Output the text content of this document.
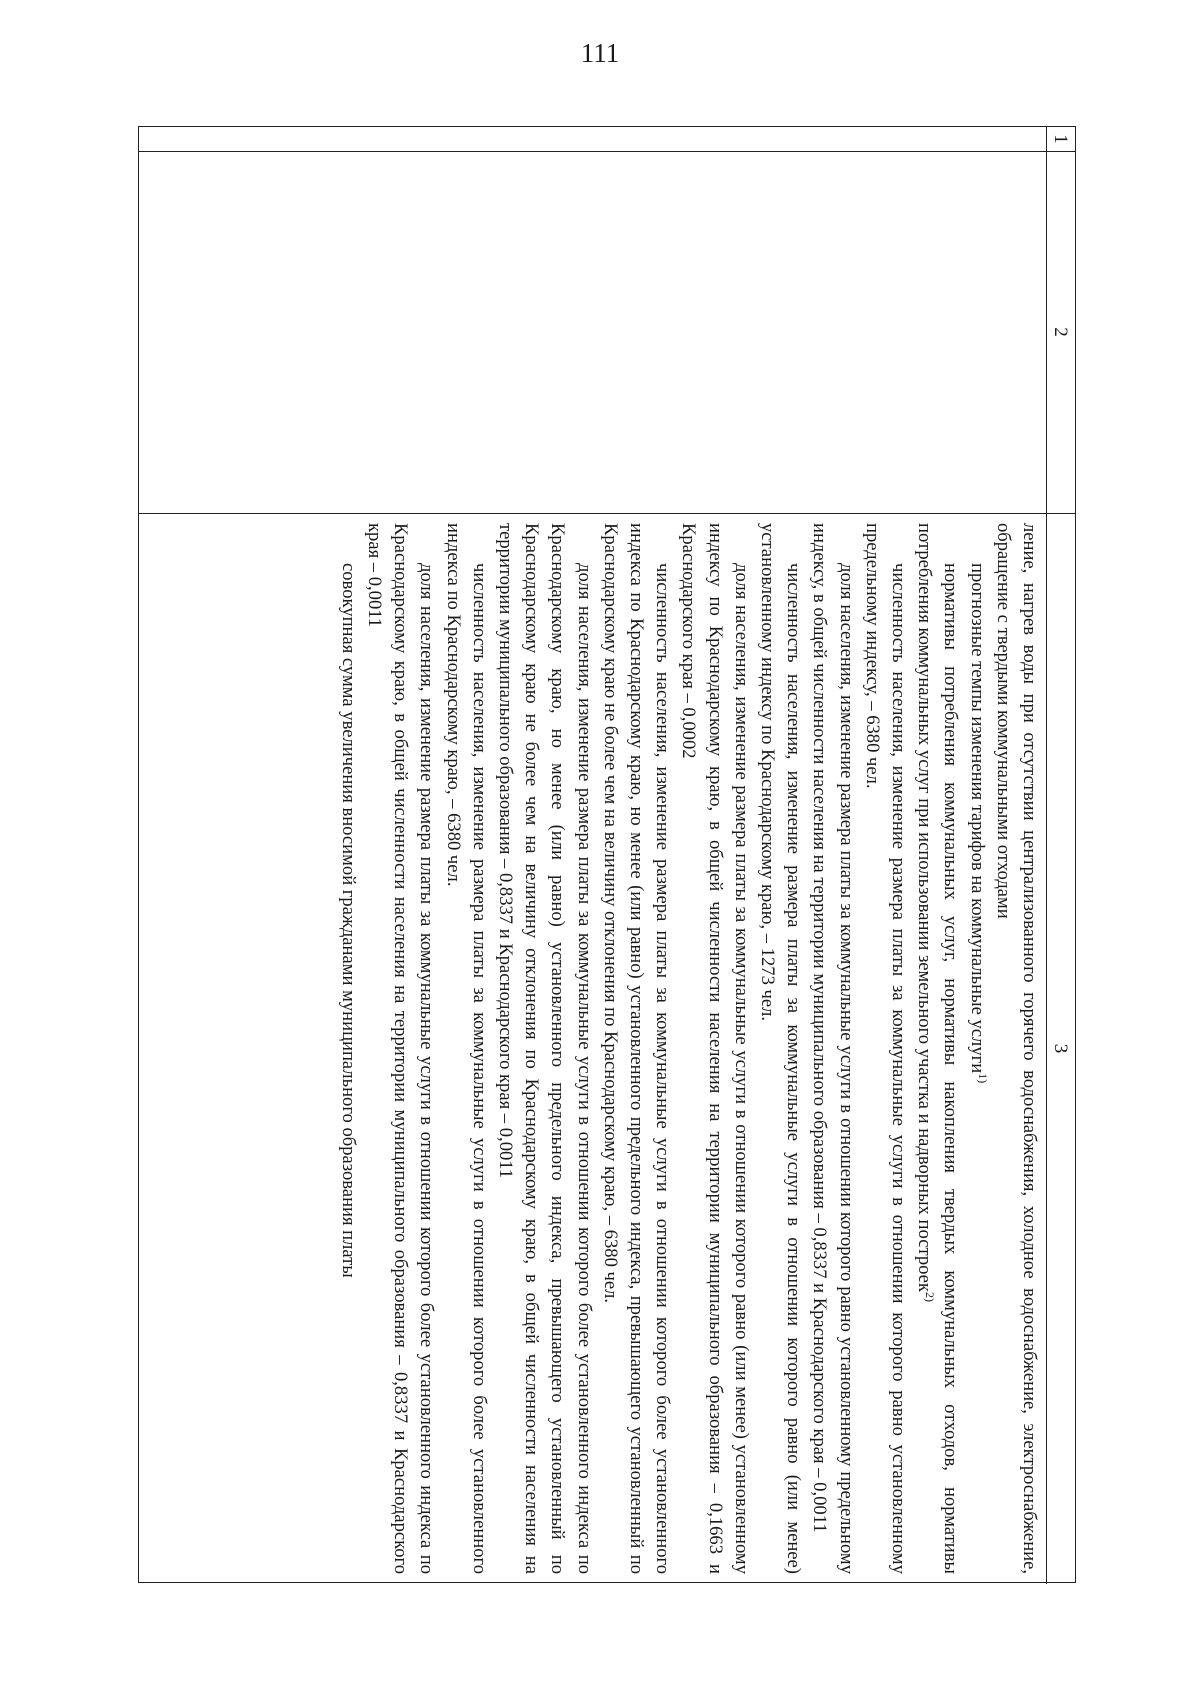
111
1
2
3

ление, нагрев воды при отсутствии централизованного горячего водоснабжения, холодное водоснабжение, электроснабжение, обращение с твердыми коммунальными отходами

прогнозные темпы изменения тарифов на коммунальные услуги$^{1)}$

нормативы потребления коммунальных услуг, нормативы накопления твердых коммунальных отходов, нормативы потребления коммунальных услуг при использовании земельного участка и надворных построек$^{2)}$

численность населения, изменение размера платы за коммунальные услуги в отношении которого равно установленному предельному индексу, – 6380 чел.

доля населения, изменение размера платы за коммунальные услуги в отношении которого равно установленному предельному индексу, в общей численности населения на территории муниципального образования – 0,8337 и Краснодарского края – 0,0011

численность населения, изменение размера платы за коммунальные услуги в отношении которого равно (или менее) установленному индексу по Краснодарскому краю, – 1273 чел.

доля населения, изменение размера платы за коммунальные услуги в отношении которого равно (или менее) установленному индексу по Краснодарскому краю, в общей численности населения на территории муниципального образования – 0,1663 и Краснодарского края – 0,0002

численность населения, изменение размера платы за коммунальные услуги в отношении которого более установленного индекса по Краснодарскому краю, но менее (или равно) установленного предельного индекса, превышающего установленный по Краснодарскому краю не более чем на величину отклонения по Краснодарскому краю, – 6380 чел.

доля населения, изменение размера платы за коммунальные услуги в отношении которого более установленного индекса по Краснодарскому краю, но менее (или равно) установленного предельного индекса, превышающего установленный по Краснодарскому краю не более чем на величину отклонения по Краснодарскому краю, в общей численности населения на территории муниципального образования – 0,8337 и Краснодарского края – 0,0011

численность населения, изменение размера платы за коммунальные услуги в отношении которого более установленного индекса по Краснодарскому краю, – 6380 чел.

доля населения, изменение размера платы за коммунальные услуги в отношении которого более установленного индекса по Краснодарскому краю, в общей численности населения на территории муниципального образования – 0,8337 и Краснодарского края – 0,0011

совокупная сумма увеличения вносимой гражданами муниципального образования платы
